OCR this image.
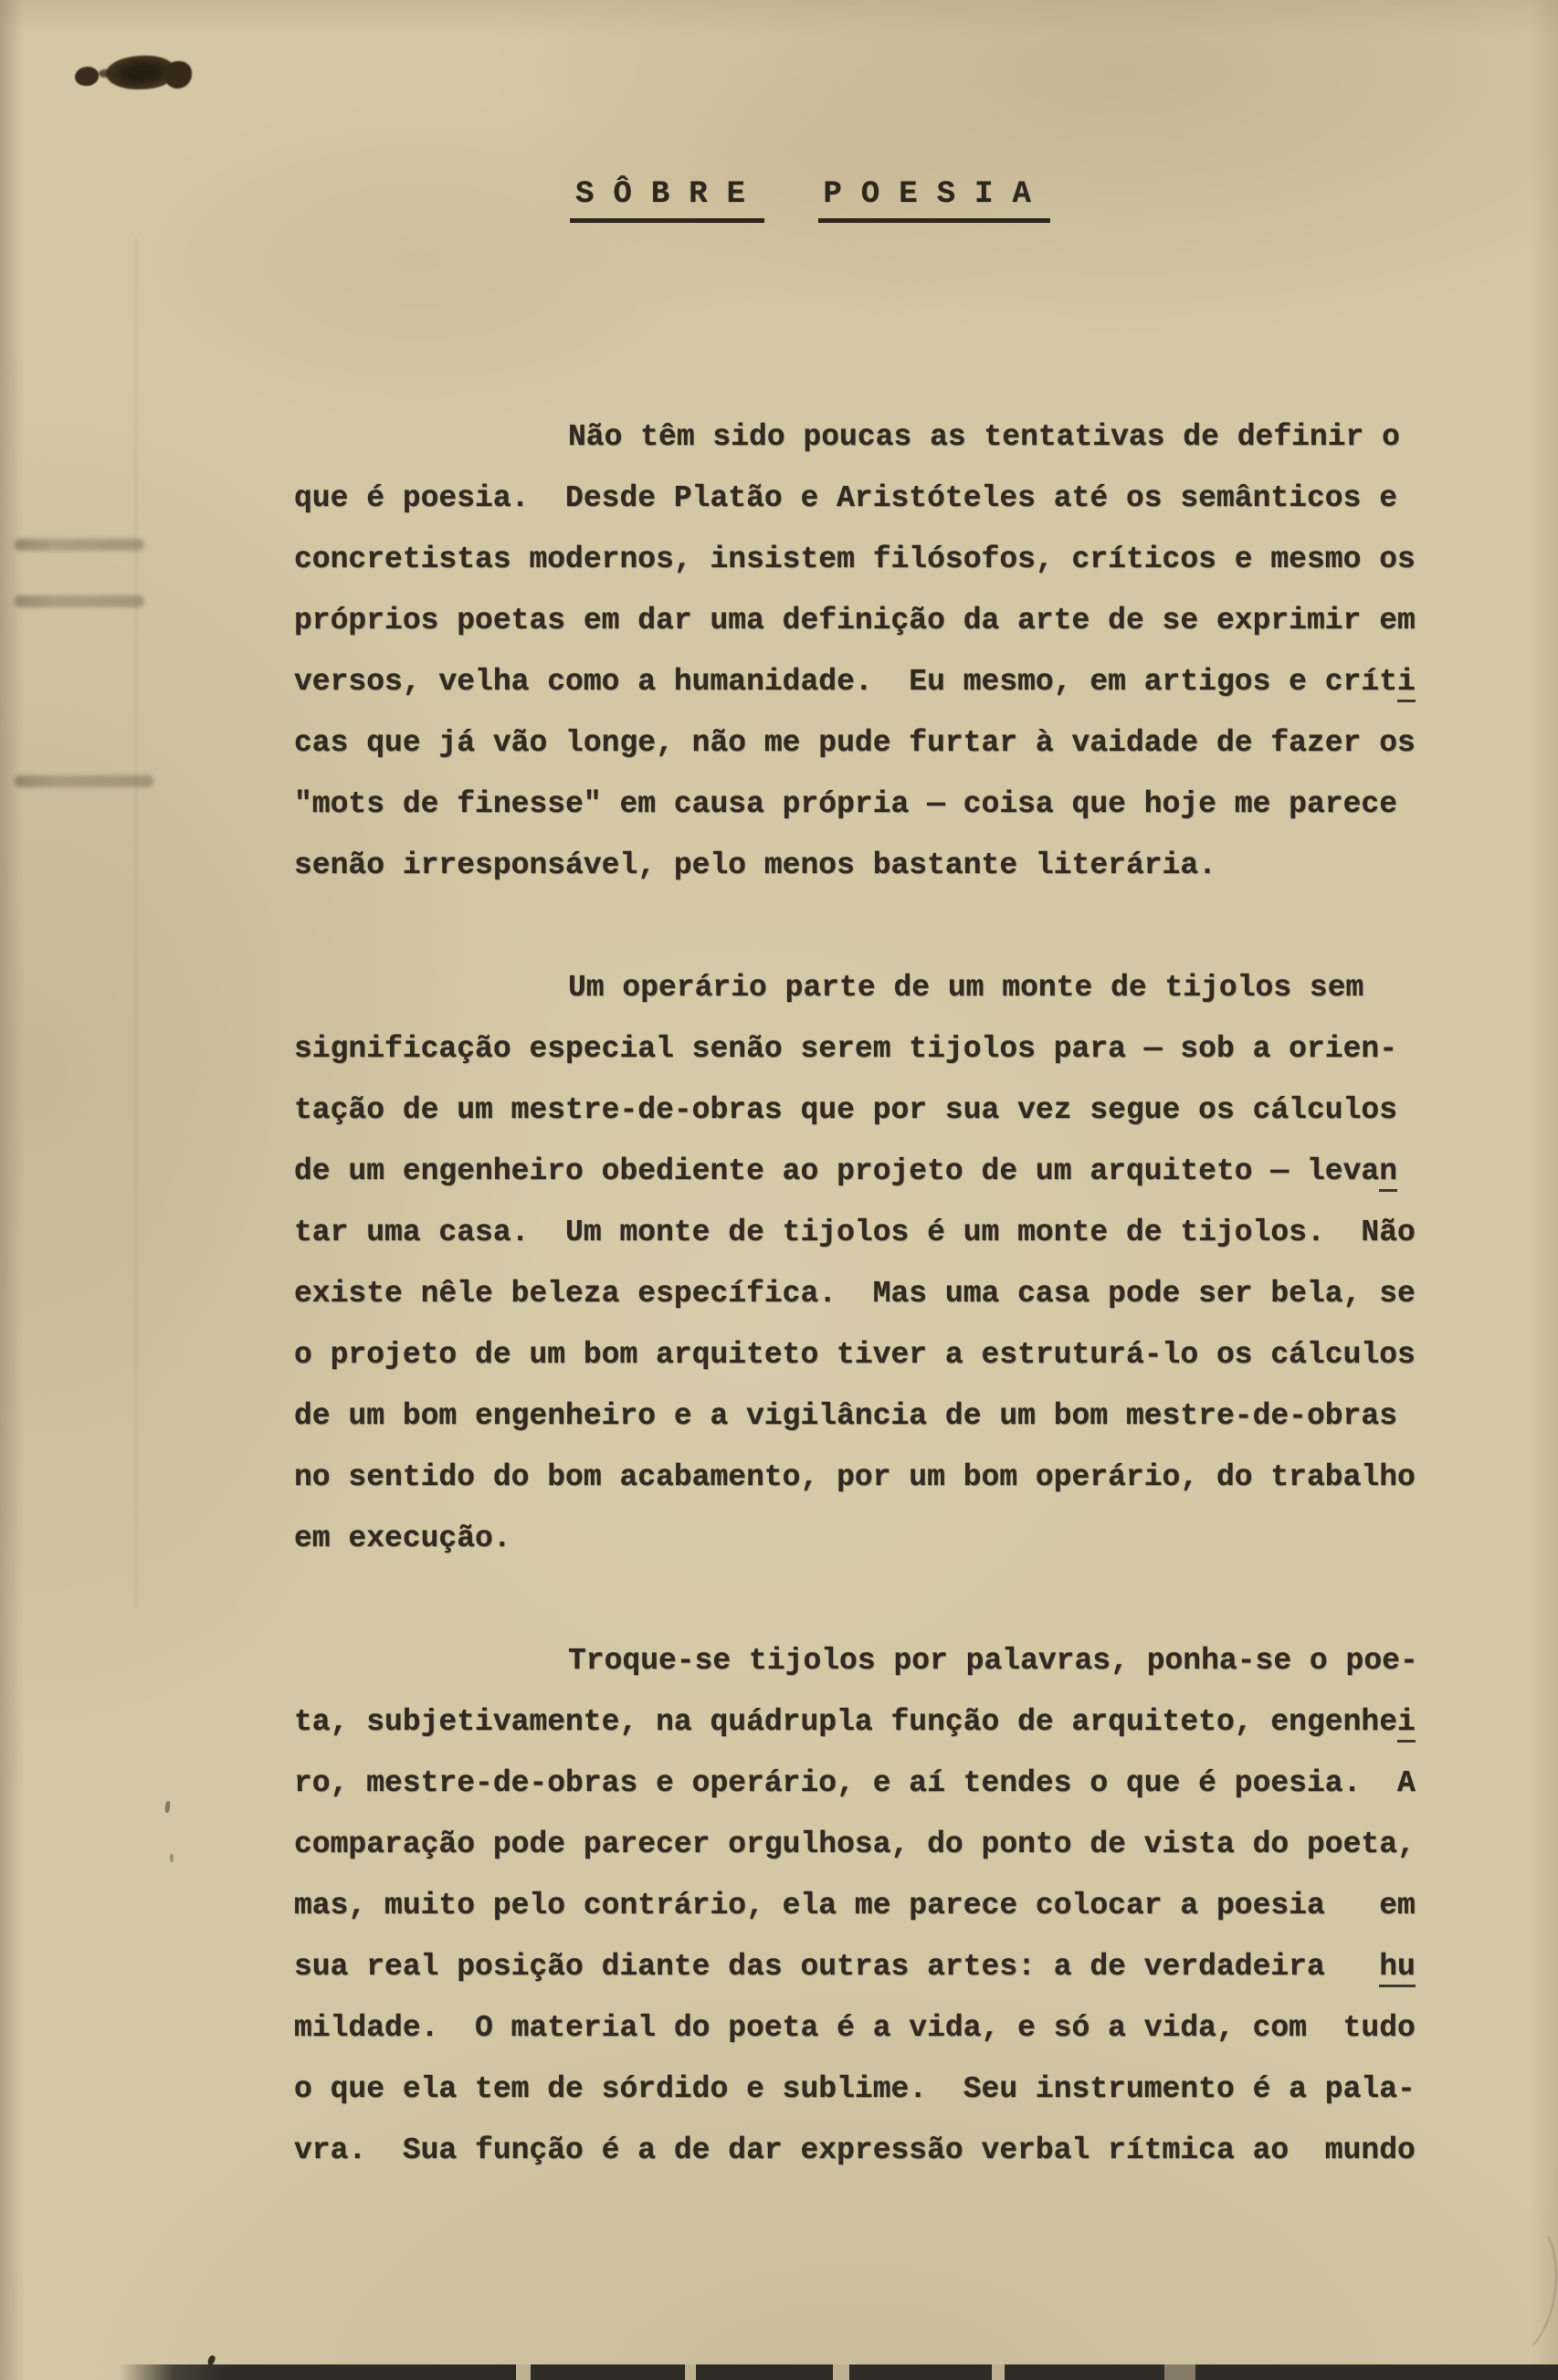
SÔBRE POESIA
Não têm sido poucas as tentativas de definir o
que é poesia.  Desde Platão e Aristóteles até os semânticos e
concretistas modernos, insistem filósofos, críticos e mesmo os
próprios poetas em dar uma definição da arte de se exprimir em
versos, velha como a humanidade.  Eu mesmo, em artigos e críti
cas que já vão longe, não me pude furtar à vaidade de fazer os
"mots de finesse" em causa própria — coisa que hoje me parece
senão irresponsável, pelo menos bastante literária.
Um operário parte de um monte de tijolos sem
significação especial senão serem tijolos para — sob a orien-
tação de um mestre-de-obras que por sua vez segue os cálculos
de um engenheiro obediente ao projeto de um arquiteto — levan
tar uma casa.  Um monte de tijolos é um monte de tijolos.  Não
existe nêle beleza específica.  Mas uma casa pode ser bela, se
o projeto de um bom arquiteto tiver a estruturá-lo os cálculos
de um bom engenheiro e a vigilância de um bom mestre-de-obras
no sentido do bom acabamento, por um bom operário, do trabalho
em execução.
Troque-se tijolos por palavras, ponha-se o poe-
ta, subjetivamente, na quádrupla função de arquiteto, engenhei
ro, mestre-de-obras e operário, e aí tendes o que é poesia.  A
comparação pode parecer orgulhosa, do ponto de vista do poeta,
mas, muito pelo contrário, ela me parece colocar a poesia   em
sua real posição diante das outras artes: a de verdadeira   hu
mildade.  O material do poeta é a vida, e só a vida, com  tudo
o que ela tem de sórdido e sublime.  Seu instrumento é a pala-
vra.  Sua função é a de dar expressão verbal rítmica ao  mundo
